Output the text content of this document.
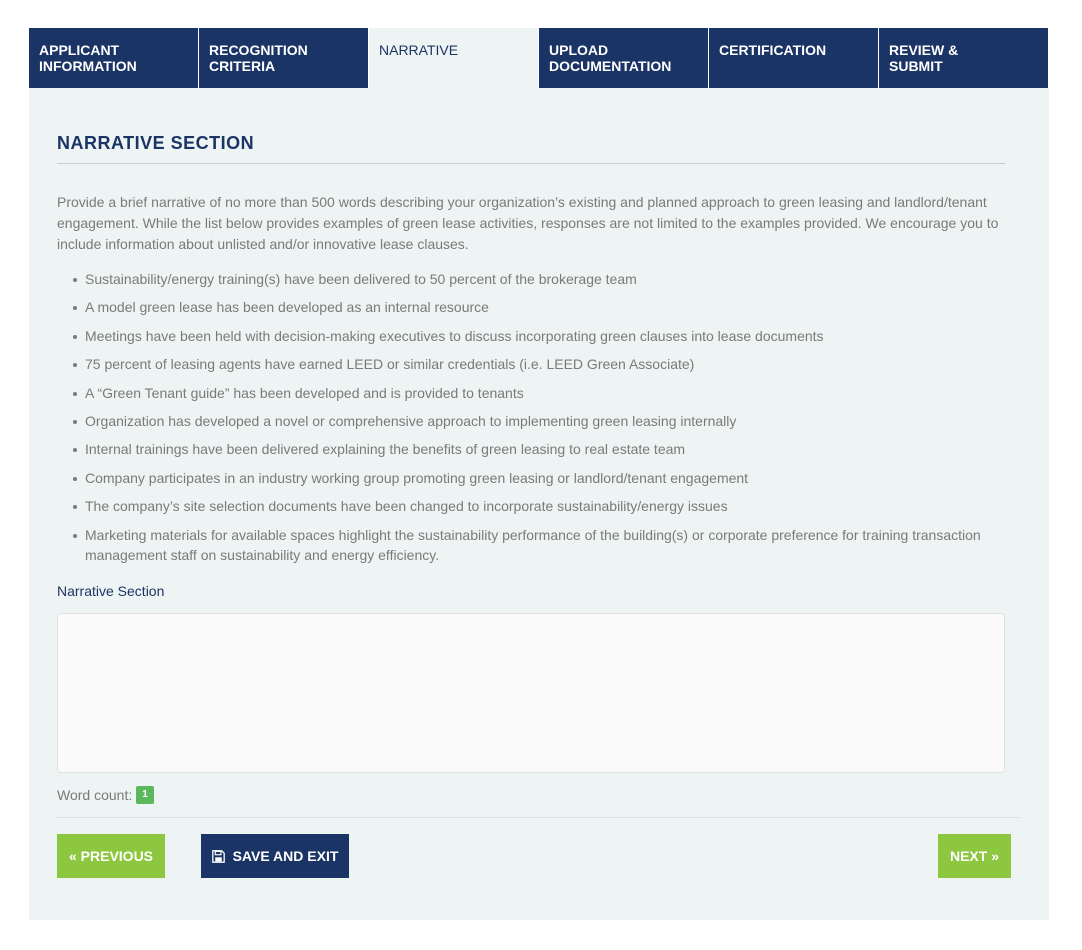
APPLICANT
INFORMATION
RECOGNITION
CRITERIA
NARRATIVE	UPLOAD
DOCUMENTATION
CERTIFICATION	REVIEW &
SUBMIT
NARRATIVE SECTION

Provide a brief narrative of no more than 500 words describing your organization’s existing and planned approach to green leasing and landlord/tenant engagement. While the list below provides examples of green lease activities, responses are not limited to the examples provided. We encourage you to include information about unlisted and/or innovative lease clauses.

Sustainability/energy training(s) have been delivered to 50 percent of the brokerage team
A model green lease has been developed as an internal resource
Meetings have been held with decision-making executives to discuss incorporating green clauses into lease documents
75 percent of leasing agents have earned LEED or similar credentials (i.e. LEED Green Associate)
A “Green Tenant guide” has been developed and is provided to tenants
Organization has developed a novel or comprehensive approach to implementing green leasing internally
Internal trainings have been delivered explaining the benefits of green leasing to real estate team
Company participates in an industry working group promoting green leasing or landlord/tenant engagement
The company’s site selection documents have been changed to incorporate sustainability/energy issues
Marketing materials for available spaces highlight the sustainability performance of the building(s) or corporate preference for training transaction management staff on sustainability and energy efficiency.
Narrative Section
Word count:	1
« PREVIOUS	SAVE AND EXIT	NEXT »
